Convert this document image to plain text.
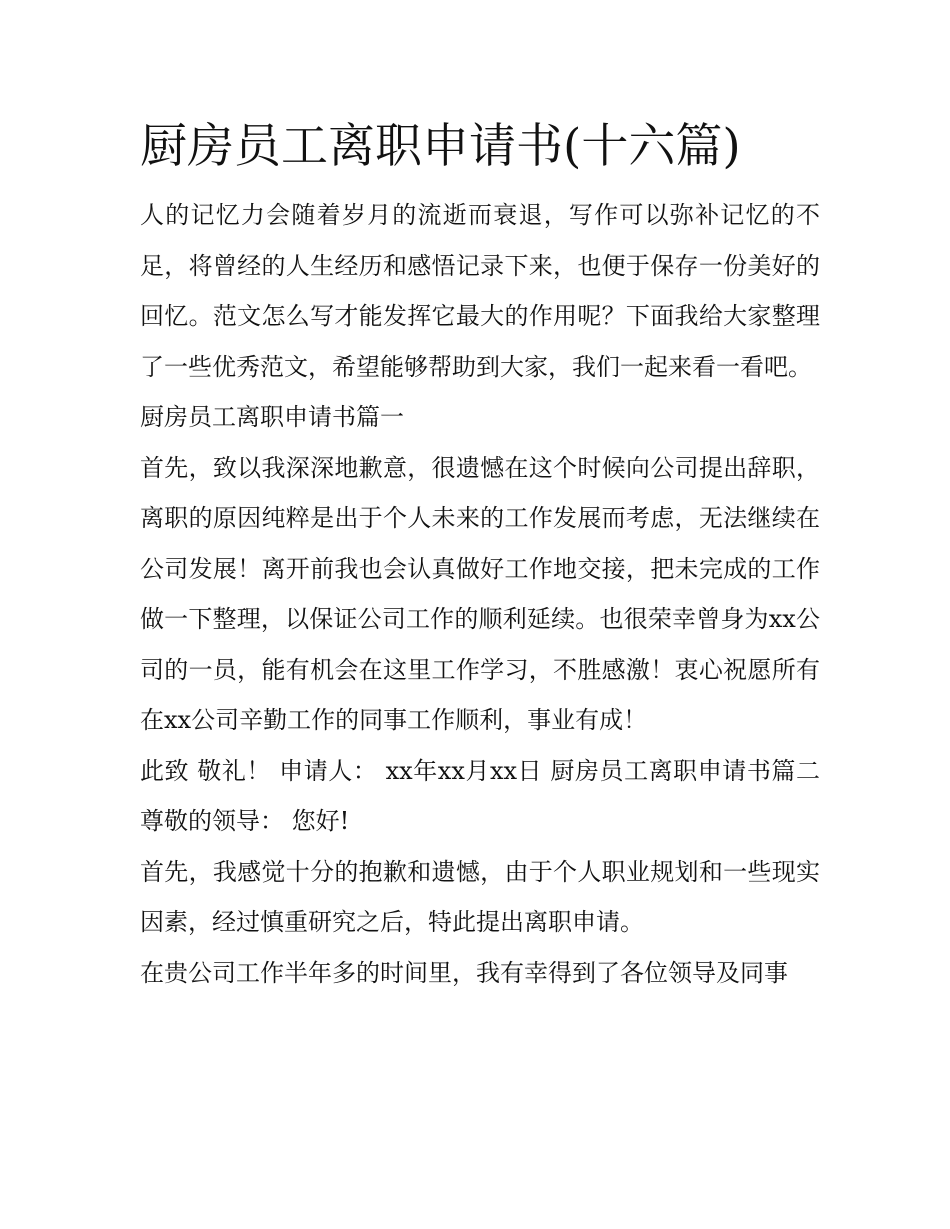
厨房员工离职申请书(十六篇)

人的记忆力会随着岁月的流逝而衰退，写作可以弥补记忆的不足，将曾经的人生经历和感悟记录下来，也便于保存一份美好的回忆。范文怎么写才能发挥它最大的作用呢？下面我给大家整理了一些优秀范文，希望能够帮助到大家，我们一起来看一看吧。

厨房员工离职申请书篇一

首先，致以我深深地歉意，很遗憾在这个时候向公司提出辞职，离职的原因纯粹是出于个人未来的工作发展而考虑，无法继续在公司发展！离开前我也会认真做好工作地交接，把未完成的工作做一下整理，以保证公司工作的顺利延续。也很荣幸曾身为xx公司的一员，能有机会在这里工作学习，不胜感激！衷心祝愿所有在xx公司辛勤工作的同事工作顺利，事业有成！

此致 敬礼！ 申请人： xx年xx月xx日 厨房员工离职申请书篇二 尊敬的领导： 您好!

首先，我感觉十分的抱歉和遗憾，由于个人职业规划和一些现实因素，经过慎重研究之后，特此提出离职申请。

在贵公司工作半年多的时间里，我有幸得到了各位领导及同事
